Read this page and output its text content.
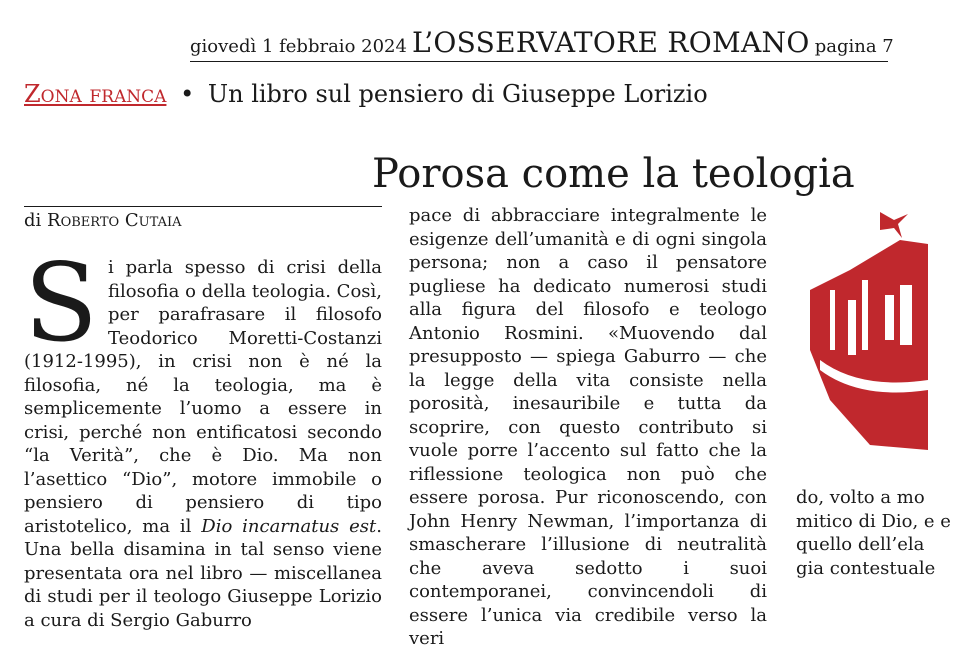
giovedì 1 febbraio 2024 L’OSSERVATORE ROMANO pagina 7
Zona franca • Un libro sul pensiero di Giuseppe Lorizio
Porosa come la teologia
di Roberto Cutaia
S i parla spesso di crisi della filosofia o della teologia. Così, per parafrasare il filosofo Teodorico Moretti-Costanzi (1912-1995), in crisi non è né la filosofia, né la teologia, ma è semplicemente l’uomo a essere in crisi, perché non entificatosi secondo “la Verità”, che è Dio. Ma non l’asettico “Dio”, motore immobile o pensiero di pensiero di tipo aristotelico, ma il Dio incarnatus est. Una bella disamina in tal senso viene presentata ora nel libro — miscellanea di studi per il teologo Giuseppe Lorizio a cura di Sergio Gaburro

pace di abbracciare integralmente le esigenze dell’umanità e di ogni singola persona; non a caso il pensatore pugliese ha dedicato numerosi studi alla figura del filosofo e teologo Antonio Rosmini. «Muovendo dal presupposto — spiega Gaburro — che la legge della vita consiste nella porosità, inesauribile e tutta da scoprire, con questo contributo si vuole porre l’accento sul fatto che la riflessione teologica non può che essere porosa. Pur riconoscendo, con John Henry Newman, l’importanza di smascherare l’illusione di neutralità che aveva sedotto i suoi contemporanei, convincendoli di essere l’unica via credibile verso la veri

do, volto a mo mitico di Dio, e e quello dell’ela gia contestuale
